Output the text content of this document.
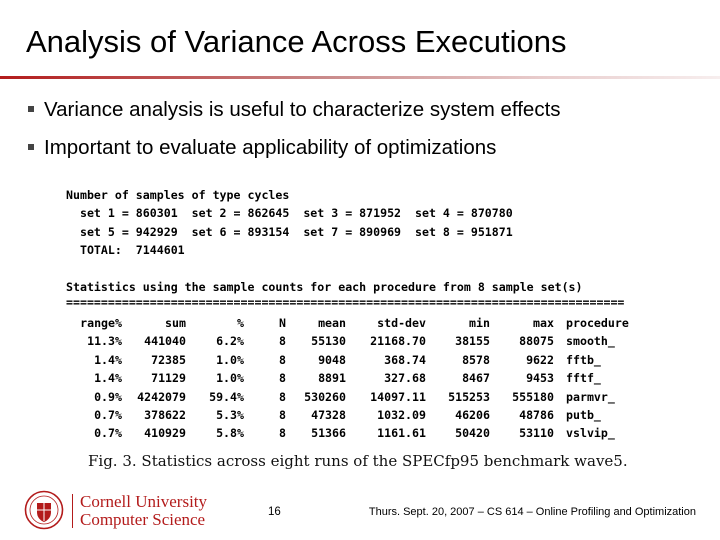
Analysis of Variance Across Executions
Variance analysis is useful to characterize system effects
Important to evaluate applicability of optimizations
Number of samples of type cycles
set 1 = 860301  set 2 = 862645  set 3 = 871952  set 4 = 870780
set 5 = 942929  set 6 = 893154  set 7 = 890969  set 8 = 951871
TOTAL:  7144601

Statistics using the sample counts for each procedure from 8 sample set(s)
================================================================================
range%	sum	%	N	mean	std-dev	min	max	procedure
11.3%	441040	6.2%	8	55130	21168.70	38155	88075	smooth_
1.4%	72385	1.0%	8	9048	368.74	8578	9622	fftb_
1.4%	71129	1.0%	8	8891	327.68	8467	9453	fftf_
0.9%	4242079	59.4%	8	530260	14097.11	515253	555180	parmvr_
0.7%	378622	5.3%	8	47328	1032.09	46206	48786	putb_
0.7%	410929	5.8%	8	51366	1161.61	50420	53110	vslvip_
Fig. 3. Statistics across eight runs of the SPECfp95 benchmark wave5.
Cornell University
Computer Science	16	Thurs. Sept. 20, 2007 – CS 614 – Online Profiling and Optimization
